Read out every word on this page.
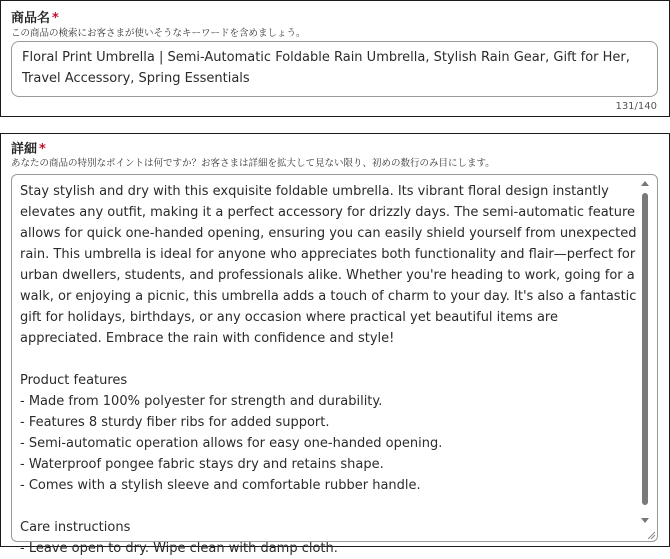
商品名 *
この商品の検索にお客さまが使いそうなキーワードを含めましょう。
Floral Print Umbrella | Semi-Automatic Foldable Rain Umbrella, Stylish Rain Gear, Gift for Her, Travel Accessory, Spring Essentials
131/140
詳細 *
あなたの商品の特別なポイントは何ですか？お客さまは詳細を拡大して見ない限り、初めの数行のみ目にします。
Stay stylish and dry with this exquisite foldable umbrella. Its vibrant floral design instantly elevates any outfit, making it a perfect accessory for drizzly days. The semi-automatic feature allows for quick one-handed opening, ensuring you can easily shield yourself from unexpected rain. This umbrella is ideal for anyone who appreciates both functionality and flair—perfect for urban dwellers, students, and professionals alike. Whether you're heading to work, going for a walk, or enjoying a picnic, this umbrella adds a touch of charm to your day. It's also a fantastic gift for holidays, birthdays, or any occasion where practical yet beautiful items are appreciated. Embrace the rain with confidence and style!

Product features
- Made from 100% polyester for strength and durability.
- Features 8 sturdy fiber ribs for added support.
- Semi-automatic operation allows for easy one-handed opening.
- Waterproof pongee fabric stays dry and retains shape.
- Comes with a stylish sleeve and comfortable rubber handle.

Care instructions
- Leave open to dry. Wipe clean with damp cloth.
